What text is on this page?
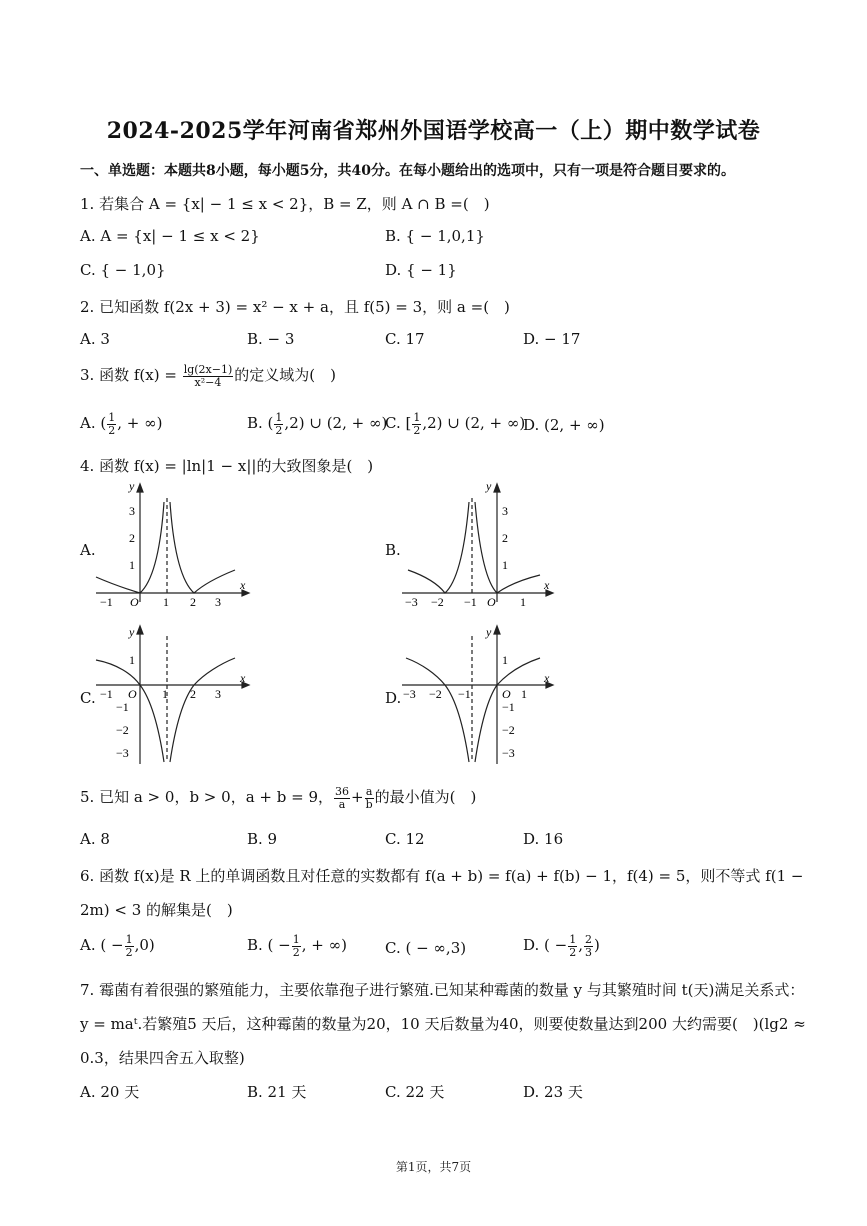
2024-2025学年河南省郑州外国语学校高一（上）期中数学试卷
一、单选题：本题共8小题，每小题5分，共40分。在每小题给出的选项中，只有一项是符合题目要求的。
1. 若集合 A = {x| − 1 ≤ x < 2}，B = Z，则 A ∩ B =(　)
A. A = {x| − 1 ≤ x < 2}	B. { − 1,0,1}
C. { − 1,0}	D. { − 1}
2. 已知函数 f(2x + 3) = x² − x + a，且 f(5) = 3，则 a =(　)
A. 3	B. − 3	C. 17	D. − 17
3. 函数 $f(x) = \frac{\lg(2x-1)}{\text{x²−4}}$ 的定义域为(　)
A. ( $\frac{1}{2}$ , + ∞)	B. ( $\frac{1}{2} ,2$) ∪ (2, + ∞)
C. [ $\frac{1}{2} ,2$) ∪ (2, + ∞)
D. (2, + ∞)
4. 函数 f(x) = |ln|1 − x||的大致图象是(　)
A.	B.
C.	D.
y
x
O
−1	1 2 3
3
2
1
y
x
O
−3 −2 −1	1
3
2
1
y
x
O
−1	1 2 3
1
−1
−2
−3
y
x
O
−3 −2 −1	1
1
−1
−2
−3
5. 已知 a > 0，b > 0，a + b = 9， $\frac{36}{a} + \frac{a}{b}$ 的最小值为(　)
A. 8	B. 9	C. 12	D. 16
6. 函数 f(x)是 R 上的单调函数且对任意的实数都有 f(a + b) = f(a) + f(b) − 1，f(4) = 5，则不等式 f(1 −
2m) < 3 的解集是(　)
A. ( − $\frac{1}{2} ,0$)	B. ( − $\frac{1}{2}$ , + ∞)	C. ( − ∞,3)	D. ( − $\frac{1}{2}$ , $\frac{2}{3}$ )
7. 霉菌有着很强的繁殖能力，主要依靠孢子进行繁殖.已知某种霉菌的数量 y 与其繁殖时间 t(天)满足关系式：
y = maᵗ.若繁殖5 天后，这种霉菌的数量为20，10 天后数量为40，则要使数量达到200 大约需要(　)(lg2 ≈
0.3，结果四舍五入取整)
A. 20 天	B. 21 天	C. 22 天	D. 23 天
第1页，共7页
